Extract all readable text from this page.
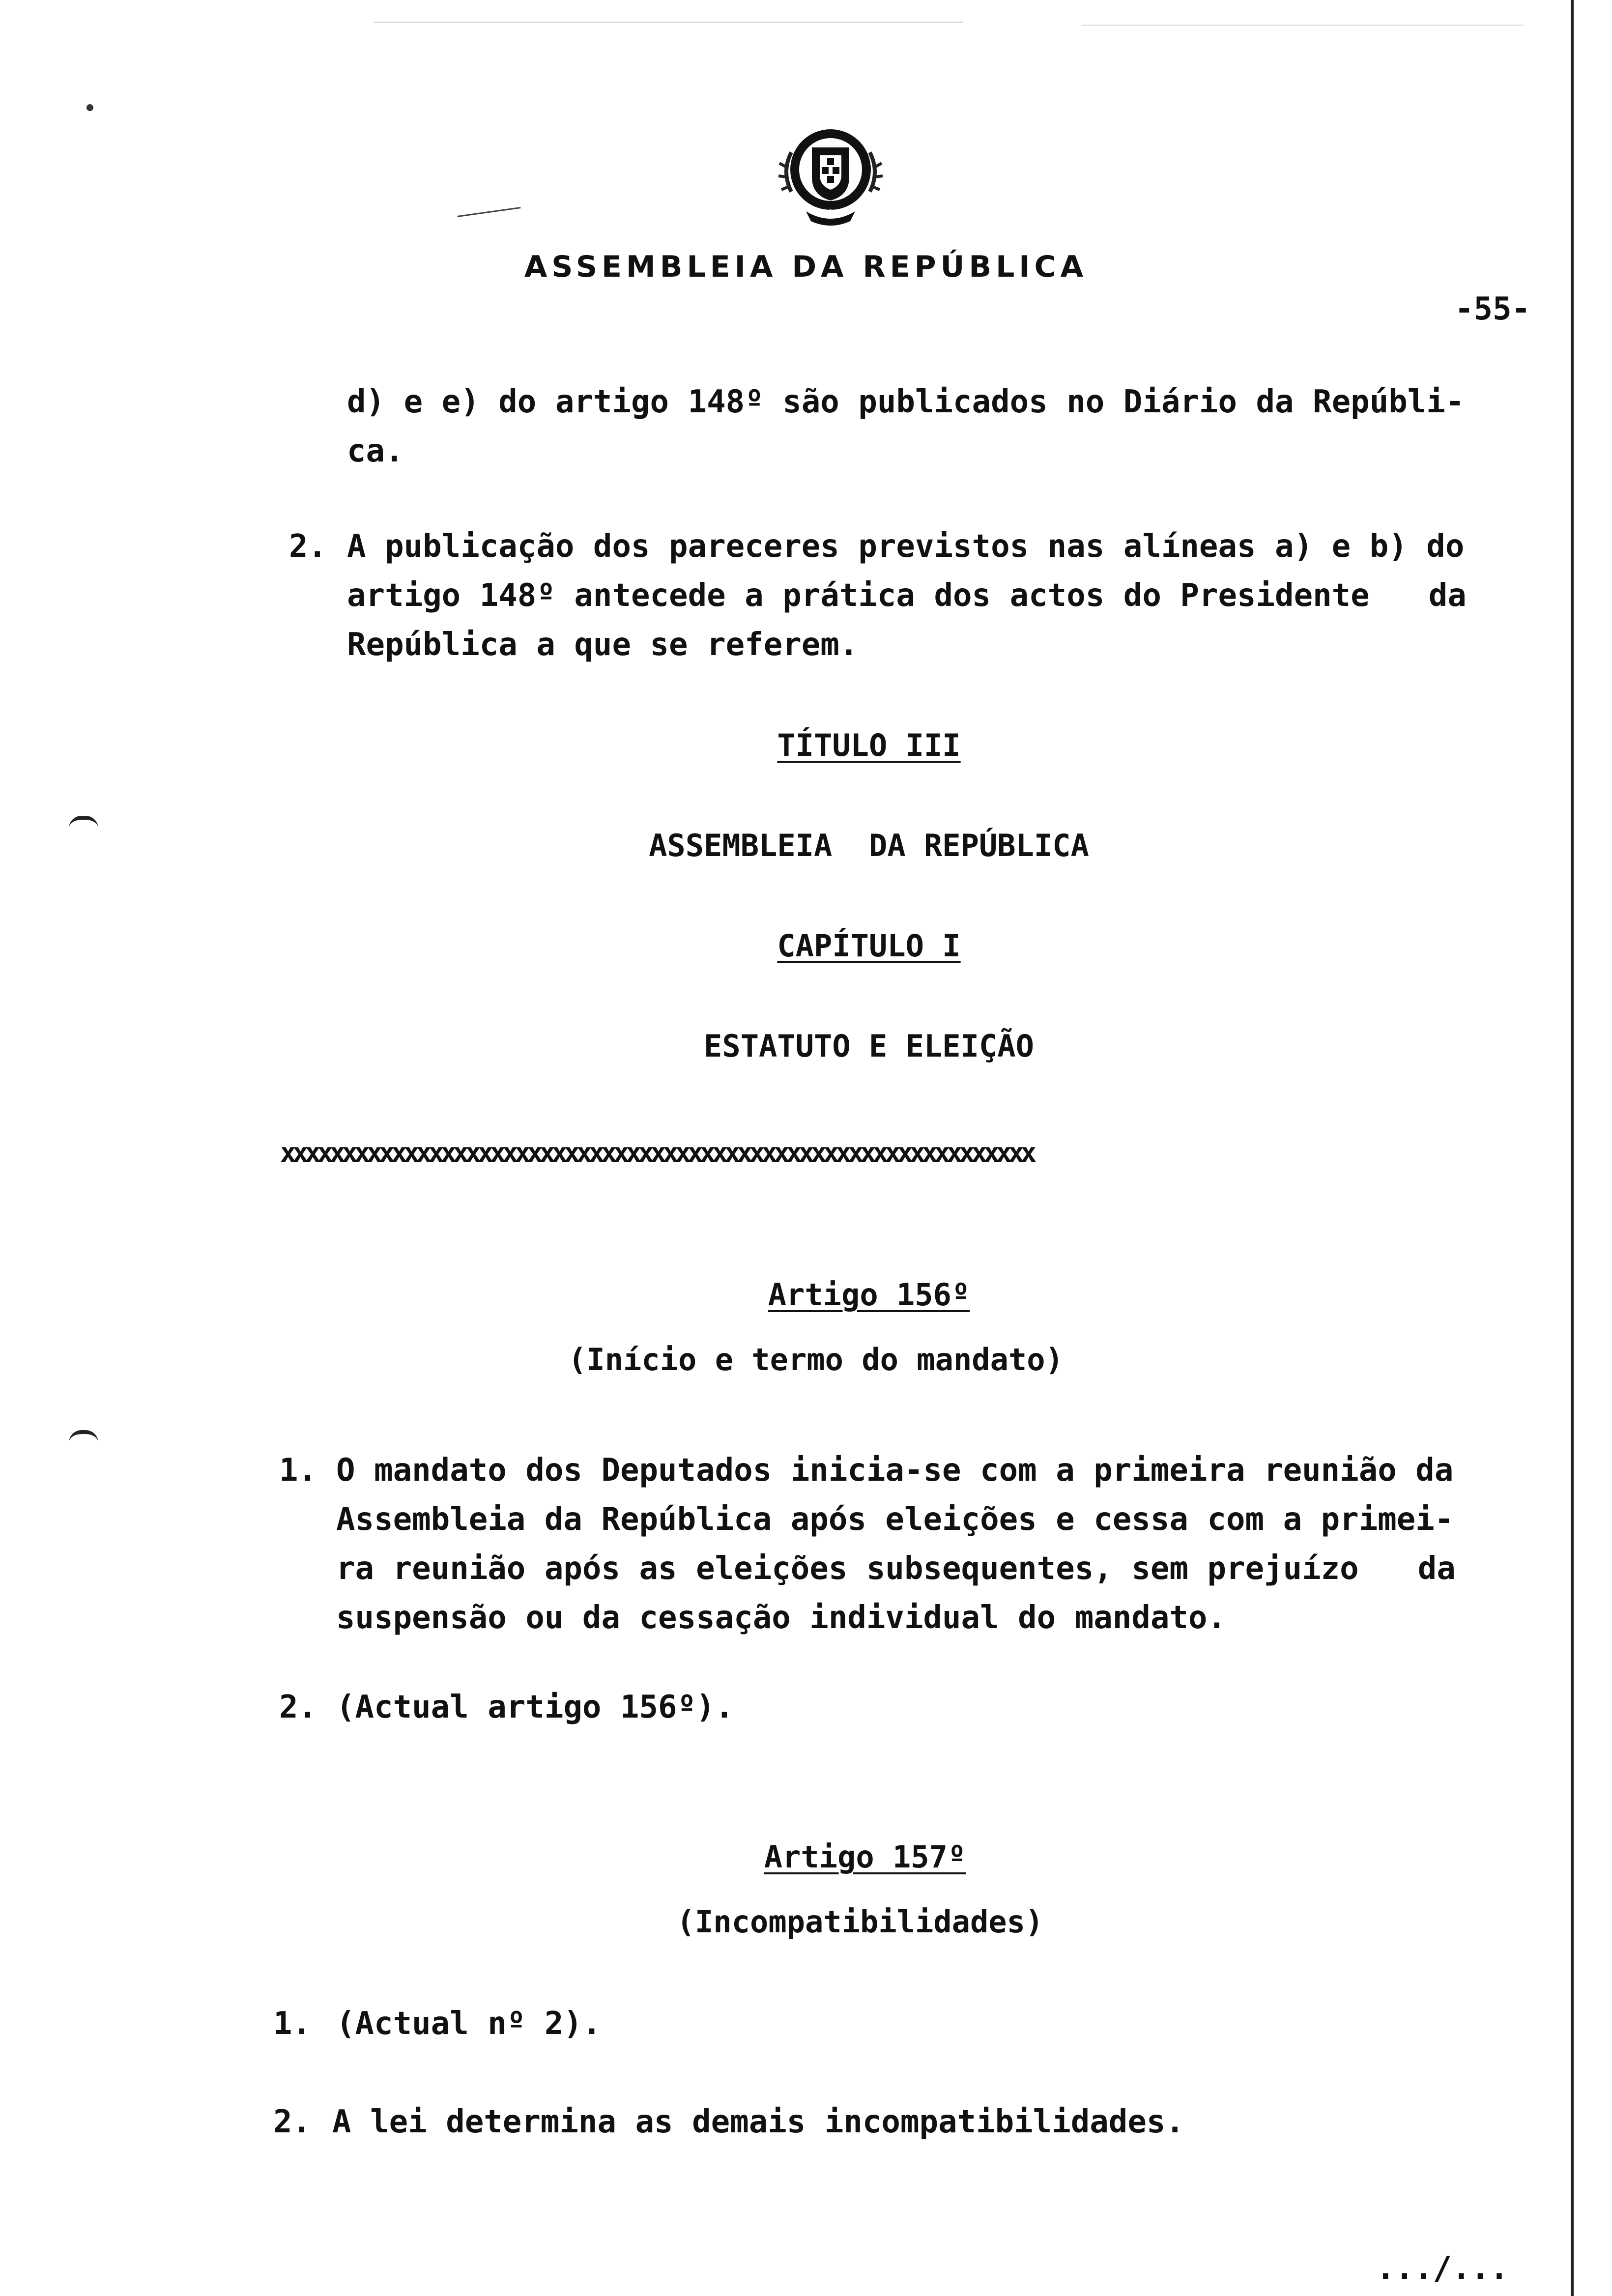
ASSEMBLEIA DA REPÚBLICA
-55-
d) e e) do artigo 148º são publicados no Diário da Repúbli-
ca.
2. A publicação dos pareceres previstos nas alíneas a) e b) do
artigo 148º antecede a prática dos actos do Presidente da
República a que se referem.
TÍTULO III
ASSEMBLEIA  DA REPÚBLICA
CAPÍTULO I
ESTATUTO E ELEIÇÃO
xxxxxxxxxxxxxxxxxxxxxxxxxxxxxxxxxxxxxxxxxxxxxxxxxxxxxxxxxxxxx
Artigo 156º
(Início e termo do mandato)
1. O mandato dos Deputados inicia-se com a primeira reunião da
Assembleia da República após eleições e cessa com a primei-
ra reunião após as eleições subsequentes, sem prejuízo da
suspensão ou da cessação individual do mandato.
2. (Actual artigo 156º).
Artigo 157º
(Incompatibilidades)
1. (Actual nº 2).
2. A lei determina as demais incompatibilidades.
.../...
